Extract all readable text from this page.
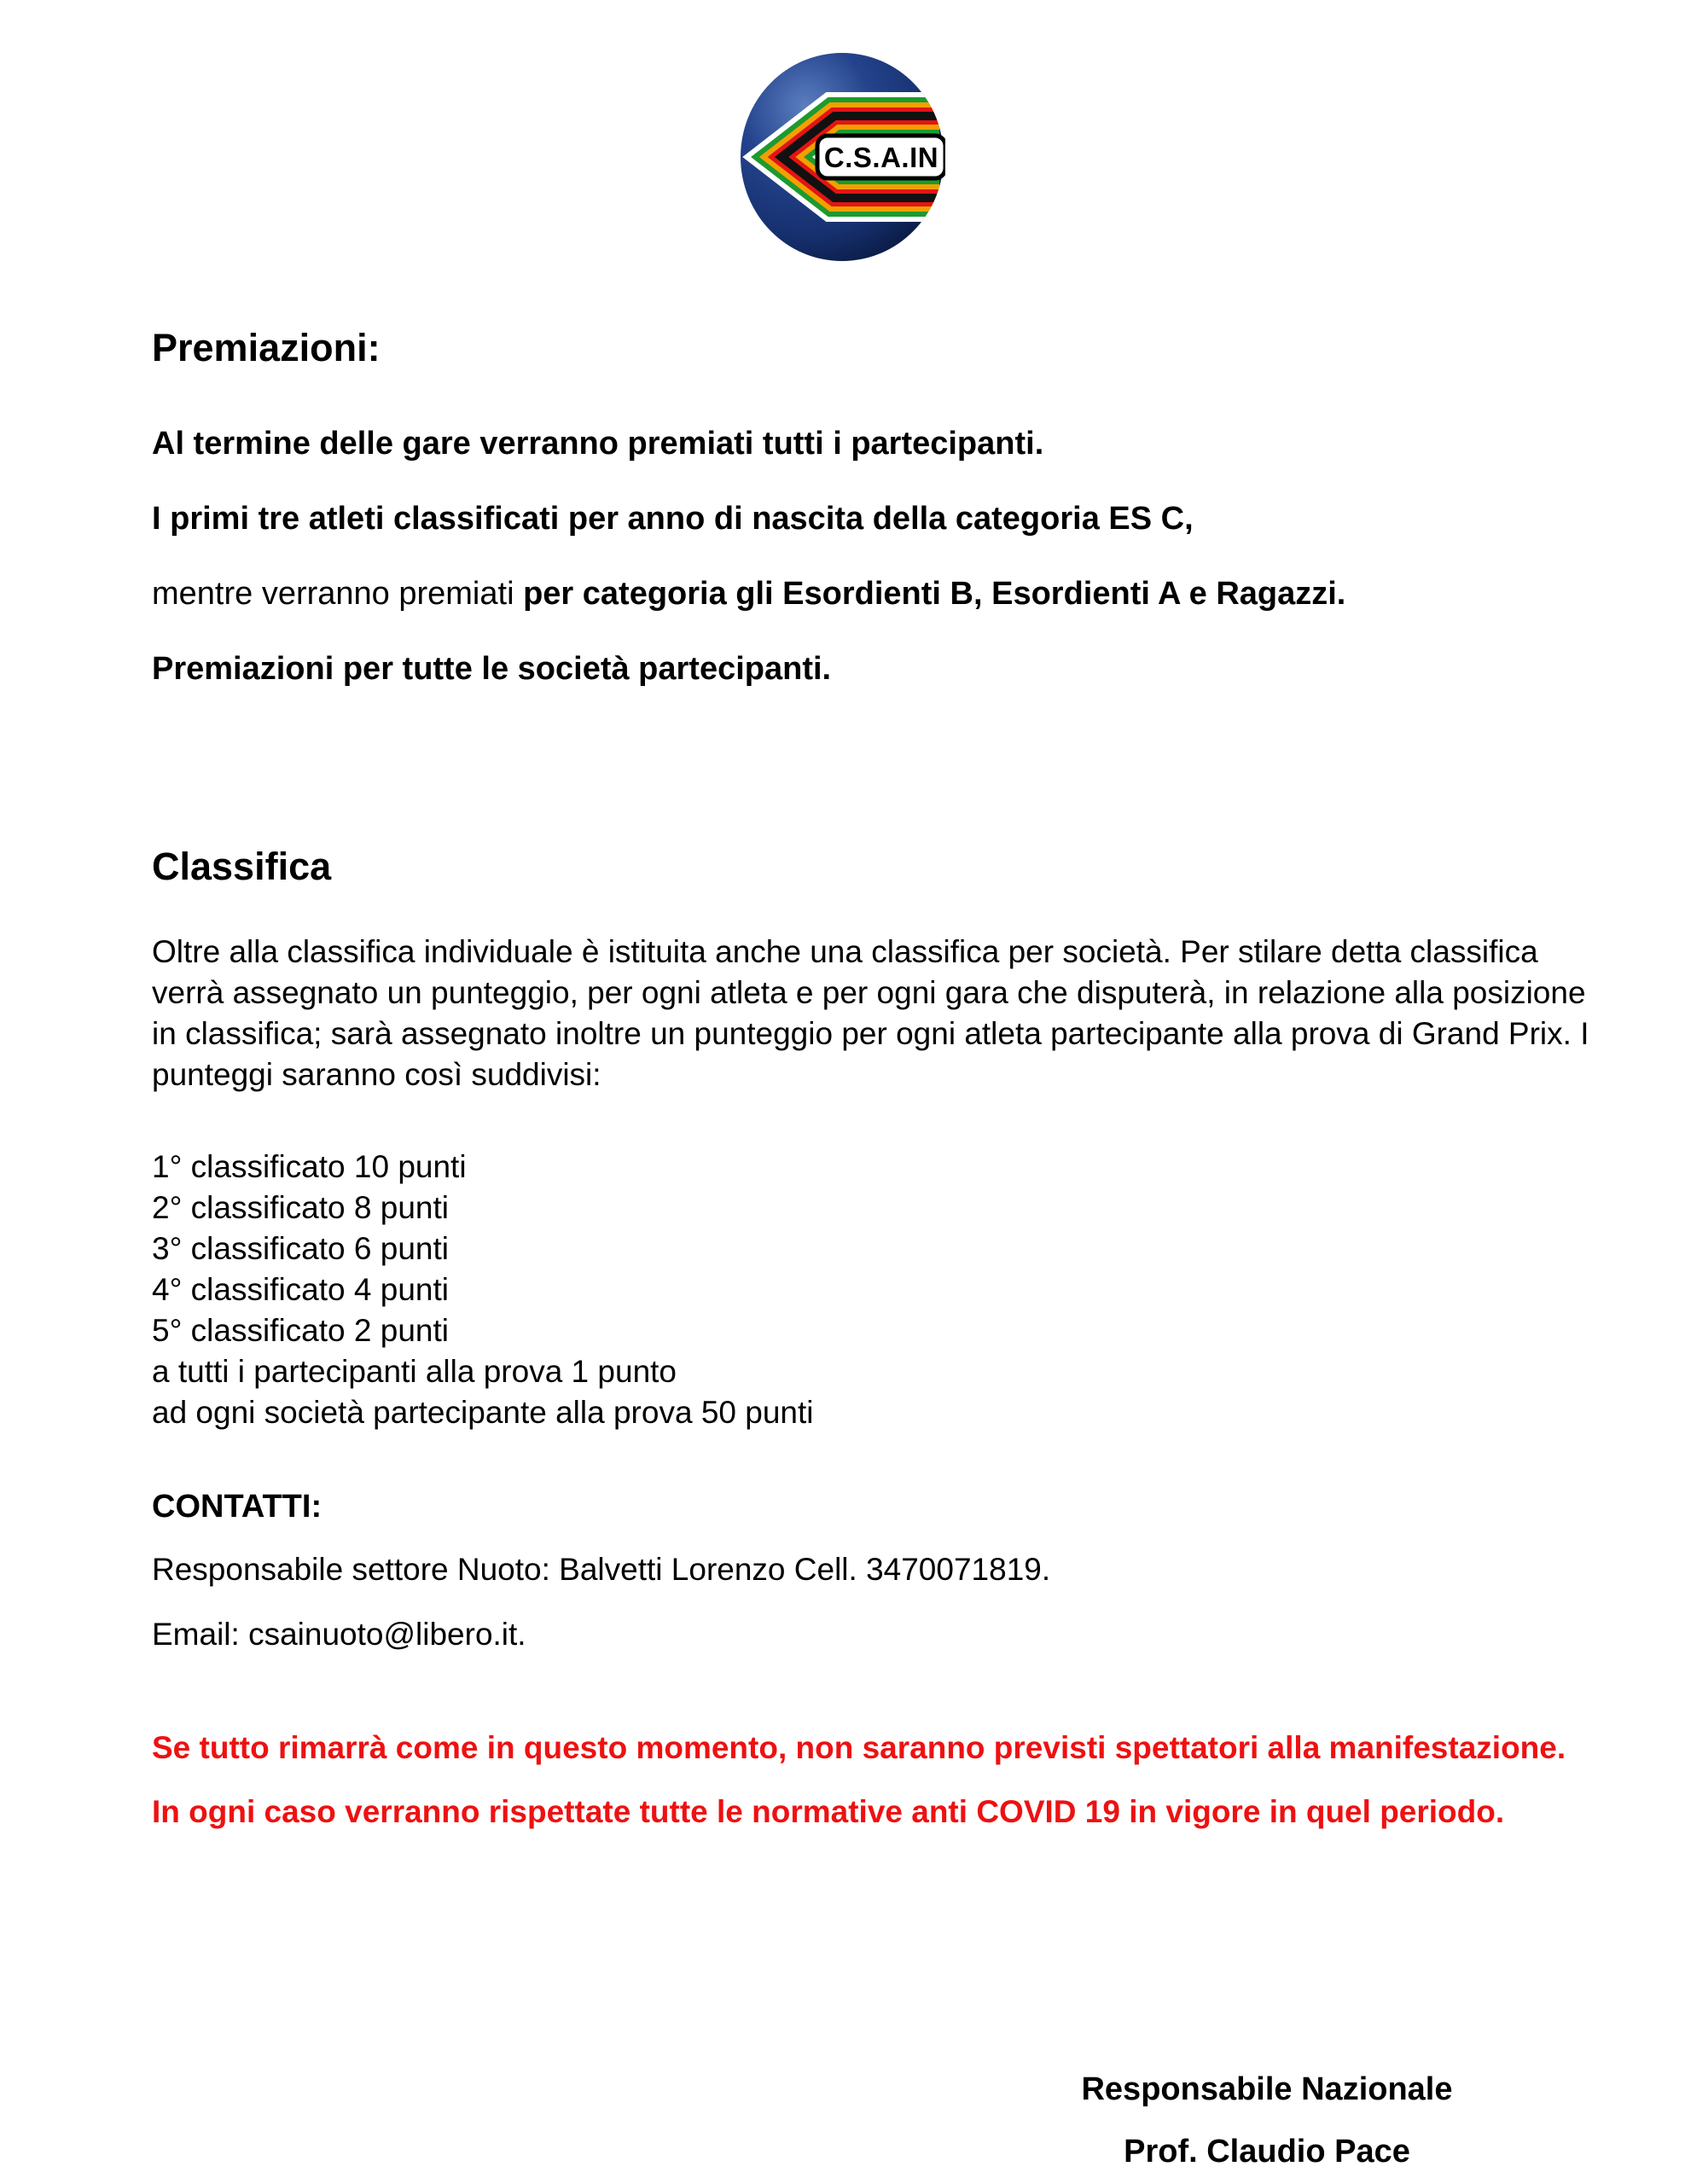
C.S.A.IN
Premiazioni:

Al termine delle gare verranno premiati tutti i partecipanti.

I primi tre atleti classificati per anno di nascita della categoria ES C,

mentre verranno premiati per categoria gli Esordienti B, Esordienti A e Ragazzi.

Premiazioni per tutte le società partecipanti.

Classifica

Oltre alla classifica individuale è istituita anche una classifica per società. Per stilare detta classifica verrà assegnato un punteggio, per ogni atleta e per ogni gara che disputerà, in relazione alla posizione in classifica; sarà assegnato inoltre un punteggio per ogni atleta partecipante alla prova di Grand Prix. I punteggi saranno così suddivisi:

1° classificato 10 punti
2° classificato 8 punti
3° classificato 6 punti
4° classificato 4 punti
5° classificato 2 punti
a tutti i partecipanti alla prova 1 punto
ad ogni società partecipante alla prova 50 punti
CONTATTI:

Responsabile settore Nuoto: Balvetti Lorenzo Cell. 3470071819.

Email: csainuoto@libero.it.

Se tutto rimarrà come in questo momento, non saranno previsti spettatori alla manifestazione.

In ogni caso verranno rispettate tutte le normative anti COVID 19 in vigore in quel periodo.

Responsabile Nazionale

Prof. Claudio Pace
